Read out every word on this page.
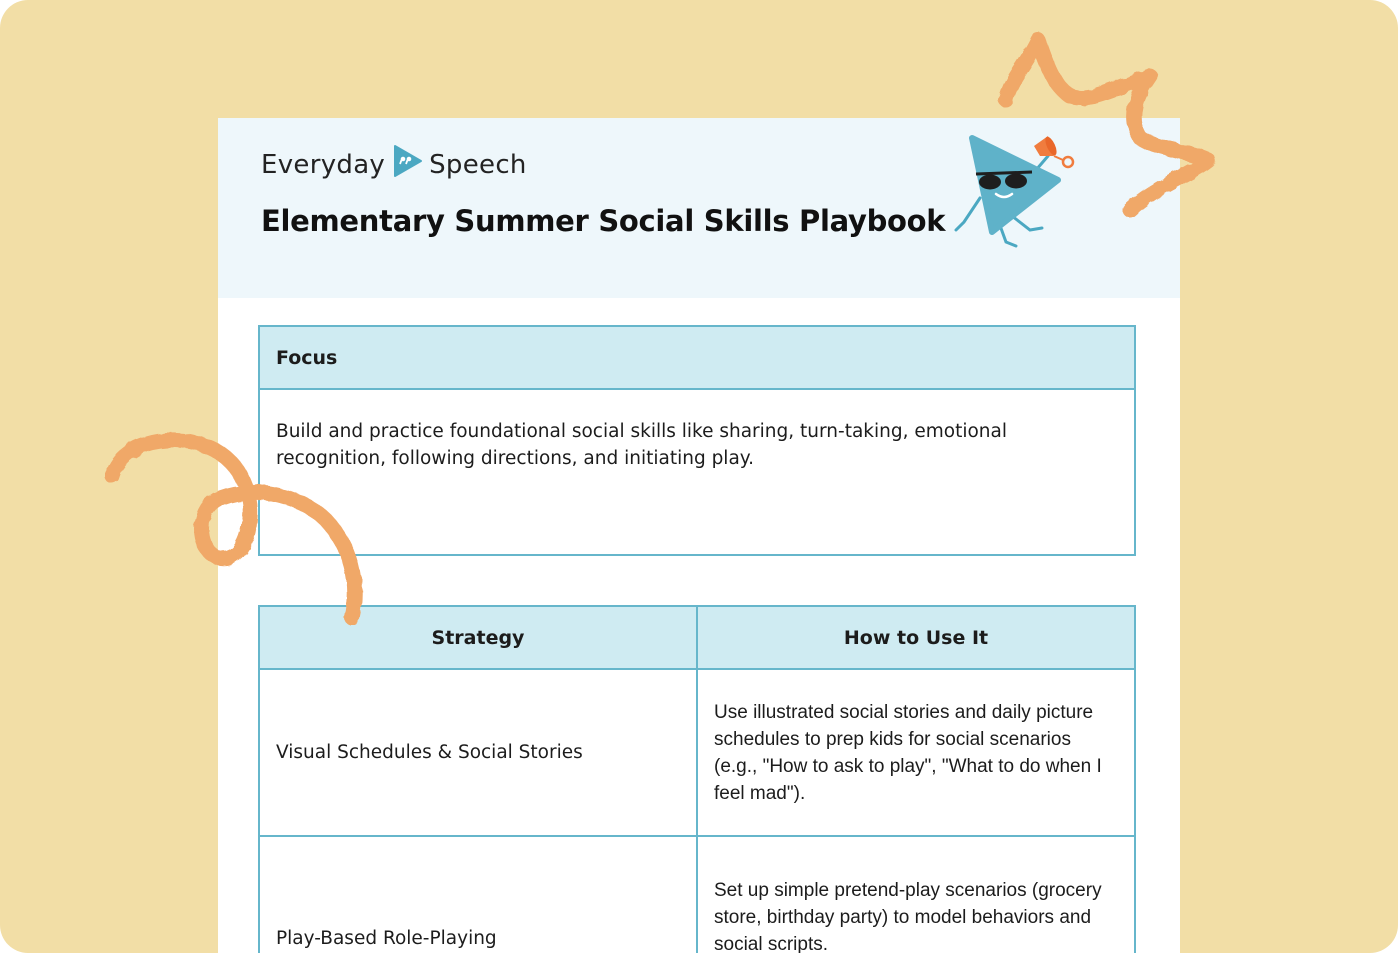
Everyday Speech
Elementary Summer Social Skills Playbook
Focus
Build and practice foundational social skills like sharing, turn-taking, emotional recognition, following directions, and initiating play.
Strategy	How to Use It
Visual Schedules & Social Stories	Use illustrated social stories and daily picture schedules to prep kids for social scenarios (e.g., "How to ask to play", "What to do when I feel mad").
Play-Based Role-Playing	Set up simple pretend-play scenarios (grocery store, birthday party) to model behaviors and social scripts.
